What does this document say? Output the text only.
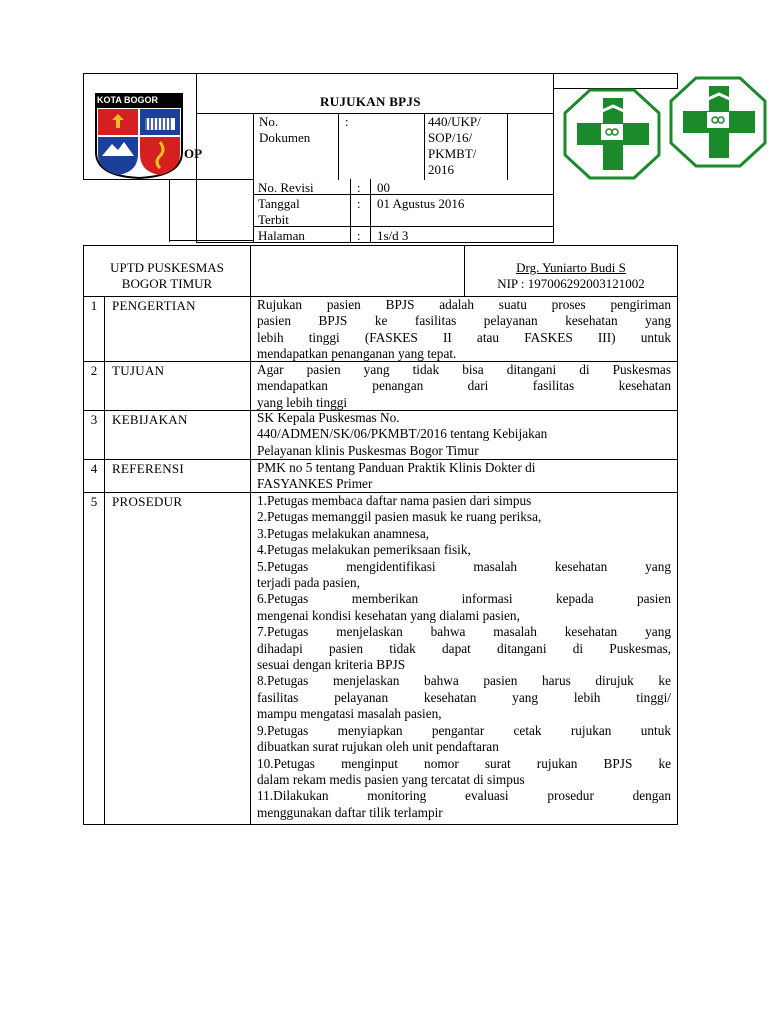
KOTA BOGOR
OP
RUJUKAN BPJS
No.
Dokumen
:	440/UKP/
SOP/16/
PKMBT/
2016
No. Revisi	: 00
Tanggal
Terbit
: 01 Agustus 2016
Halaman	: 1s/d 3
UPTD PUSKESMAS
BOGOR TIMUR
Drg. Yuniarto Budi S
NIP : 197006292003121002
1	PENGERTIAN	Rujukan pasien BPJS adalah suatu proses pengiriman
pasien BPJS ke fasilitas pelayanan kesehatan yang
lebih tinggi (FASKES II atau FASKES III) untuk
mendapatkan penanganan yang tepat.
2	TUJUAN	Agar pasien yang tidak bisa ditangani di Puskesmas
mendapatkan penangan dari fasilitas kesehatan
yang lebih tinggi
3	KEBIJAKAN	SK Kepala Puskesmas No.
440/ADMEN/SK/06/PKMBT/2016 tentang Kebijakan
Pelayanan klinis Puskesmas Bogor Timur
4	REFERENSI	PMK no 5 tentang Panduan Praktik Klinis Dokter di
FASYANKES Primer
5	PROSEDUR	1.Petugas membaca daftar nama pasien dari simpus
2.Petugas memanggil pasien masuk ke ruang periksa,
3.Petugas melakukan anamnesa,
4.Petugas melakukan pemeriksaan fisik,
5.Petugas mengidentifikasi masalah kesehatan yang
terjadi pada pasien,
6.Petugas memberikan informasi kepada pasien
mengenai kondisi kesehatan yang dialami pasien,
7.Petugas menjelaskan bahwa masalah kesehatan yang
dihadapi pasien tidak dapat ditangani di Puskesmas,
sesuai dengan kriteria BPJS
8.Petugas menjelaskan bahwa pasien harus dirujuk ke
fasilitas pelayanan kesehatan yang lebih tinggi/
mampu mengatasi masalah pasien,
9.Petugas menyiapkan pengantar cetak rujukan untuk
dibuatkan surat rujukan oleh unit pendaftaran
10.Petugas menginput nomor surat rujukan BPJS ke
dalam rekam medis pasien yang tercatat di simpus
11.Dilakukan monitoring evaluasi prosedur dengan
menggunakan daftar tilik terlampir
